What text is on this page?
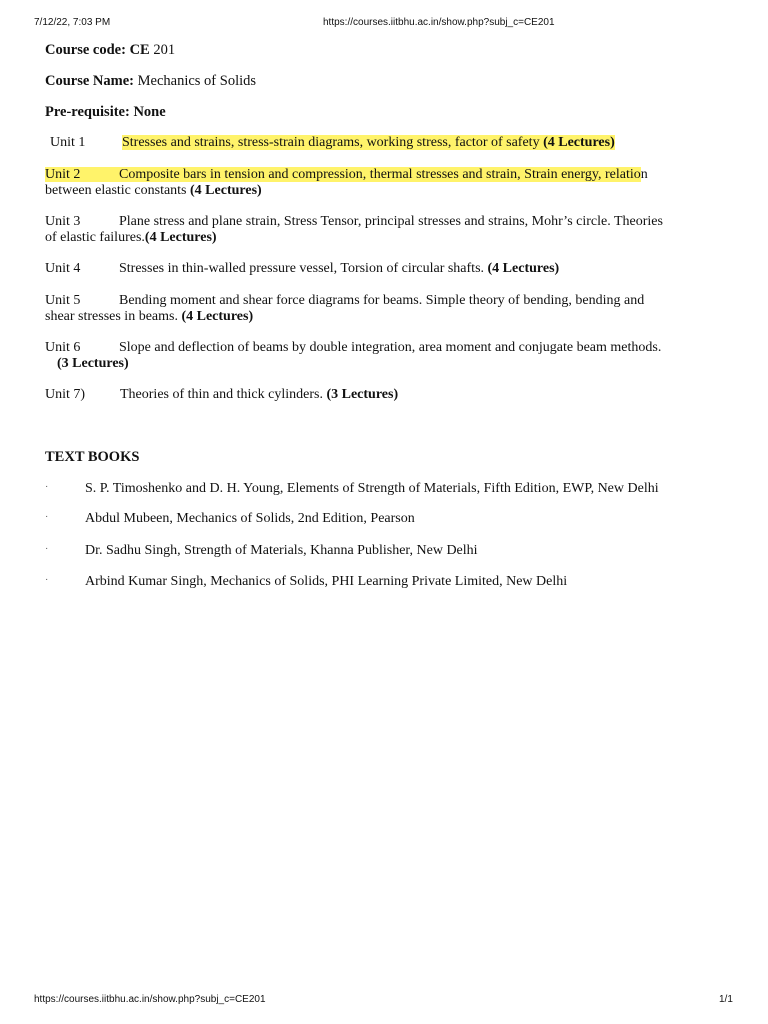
7/12/22, 7:03 PM	https://courses.iitbhu.ac.in/show.php?subj_c=CE201
Course code: CE 201
Course Name: Mechanics of Solids
Pre-requisite: None
Unit 1	Stresses and strains, stress-strain diagrams, working stress, factor of safety (4 Lectures)
Unit 2	Composite bars in tension and compression, thermal stresses and strain, Strain energy, relation
between elastic constants (4 Lectures)
Unit 3	Plane stress and plane strain, Stress Tensor, principal stresses and strains, Mohr’s circle. Theories
of elastic failures.(4 Lectures)
Unit 4	Stresses in thin-walled pressure vessel, Torsion of circular shafts. (4 Lectures)
Unit 5	Bending moment and shear force diagrams for beams. Simple theory of bending, bending and
shear stresses in beams. (4 Lectures)
Unit 6	Slope and deflection of beams by double integration, area moment and conjugate beam methods.
(3 Lectures)
Unit 7) Theories of thin and thick cylinders. (3 Lectures)
TEXT BOOKS
·	S. P. Timoshenko and D. H. Young, Elements of Strength of Materials, Fifth Edition, EWP, New Delhi
·	Abdul Mubeen, Mechanics of Solids, 2nd Edition, Pearson
·	Dr. Sadhu Singh, Strength of Materials, Khanna Publisher, New Delhi
·	Arbind Kumar Singh, Mechanics of Solids, PHI Learning Private Limited, New Delhi
https://courses.iitbhu.ac.in/show.php?subj_c=CE201	1/1
